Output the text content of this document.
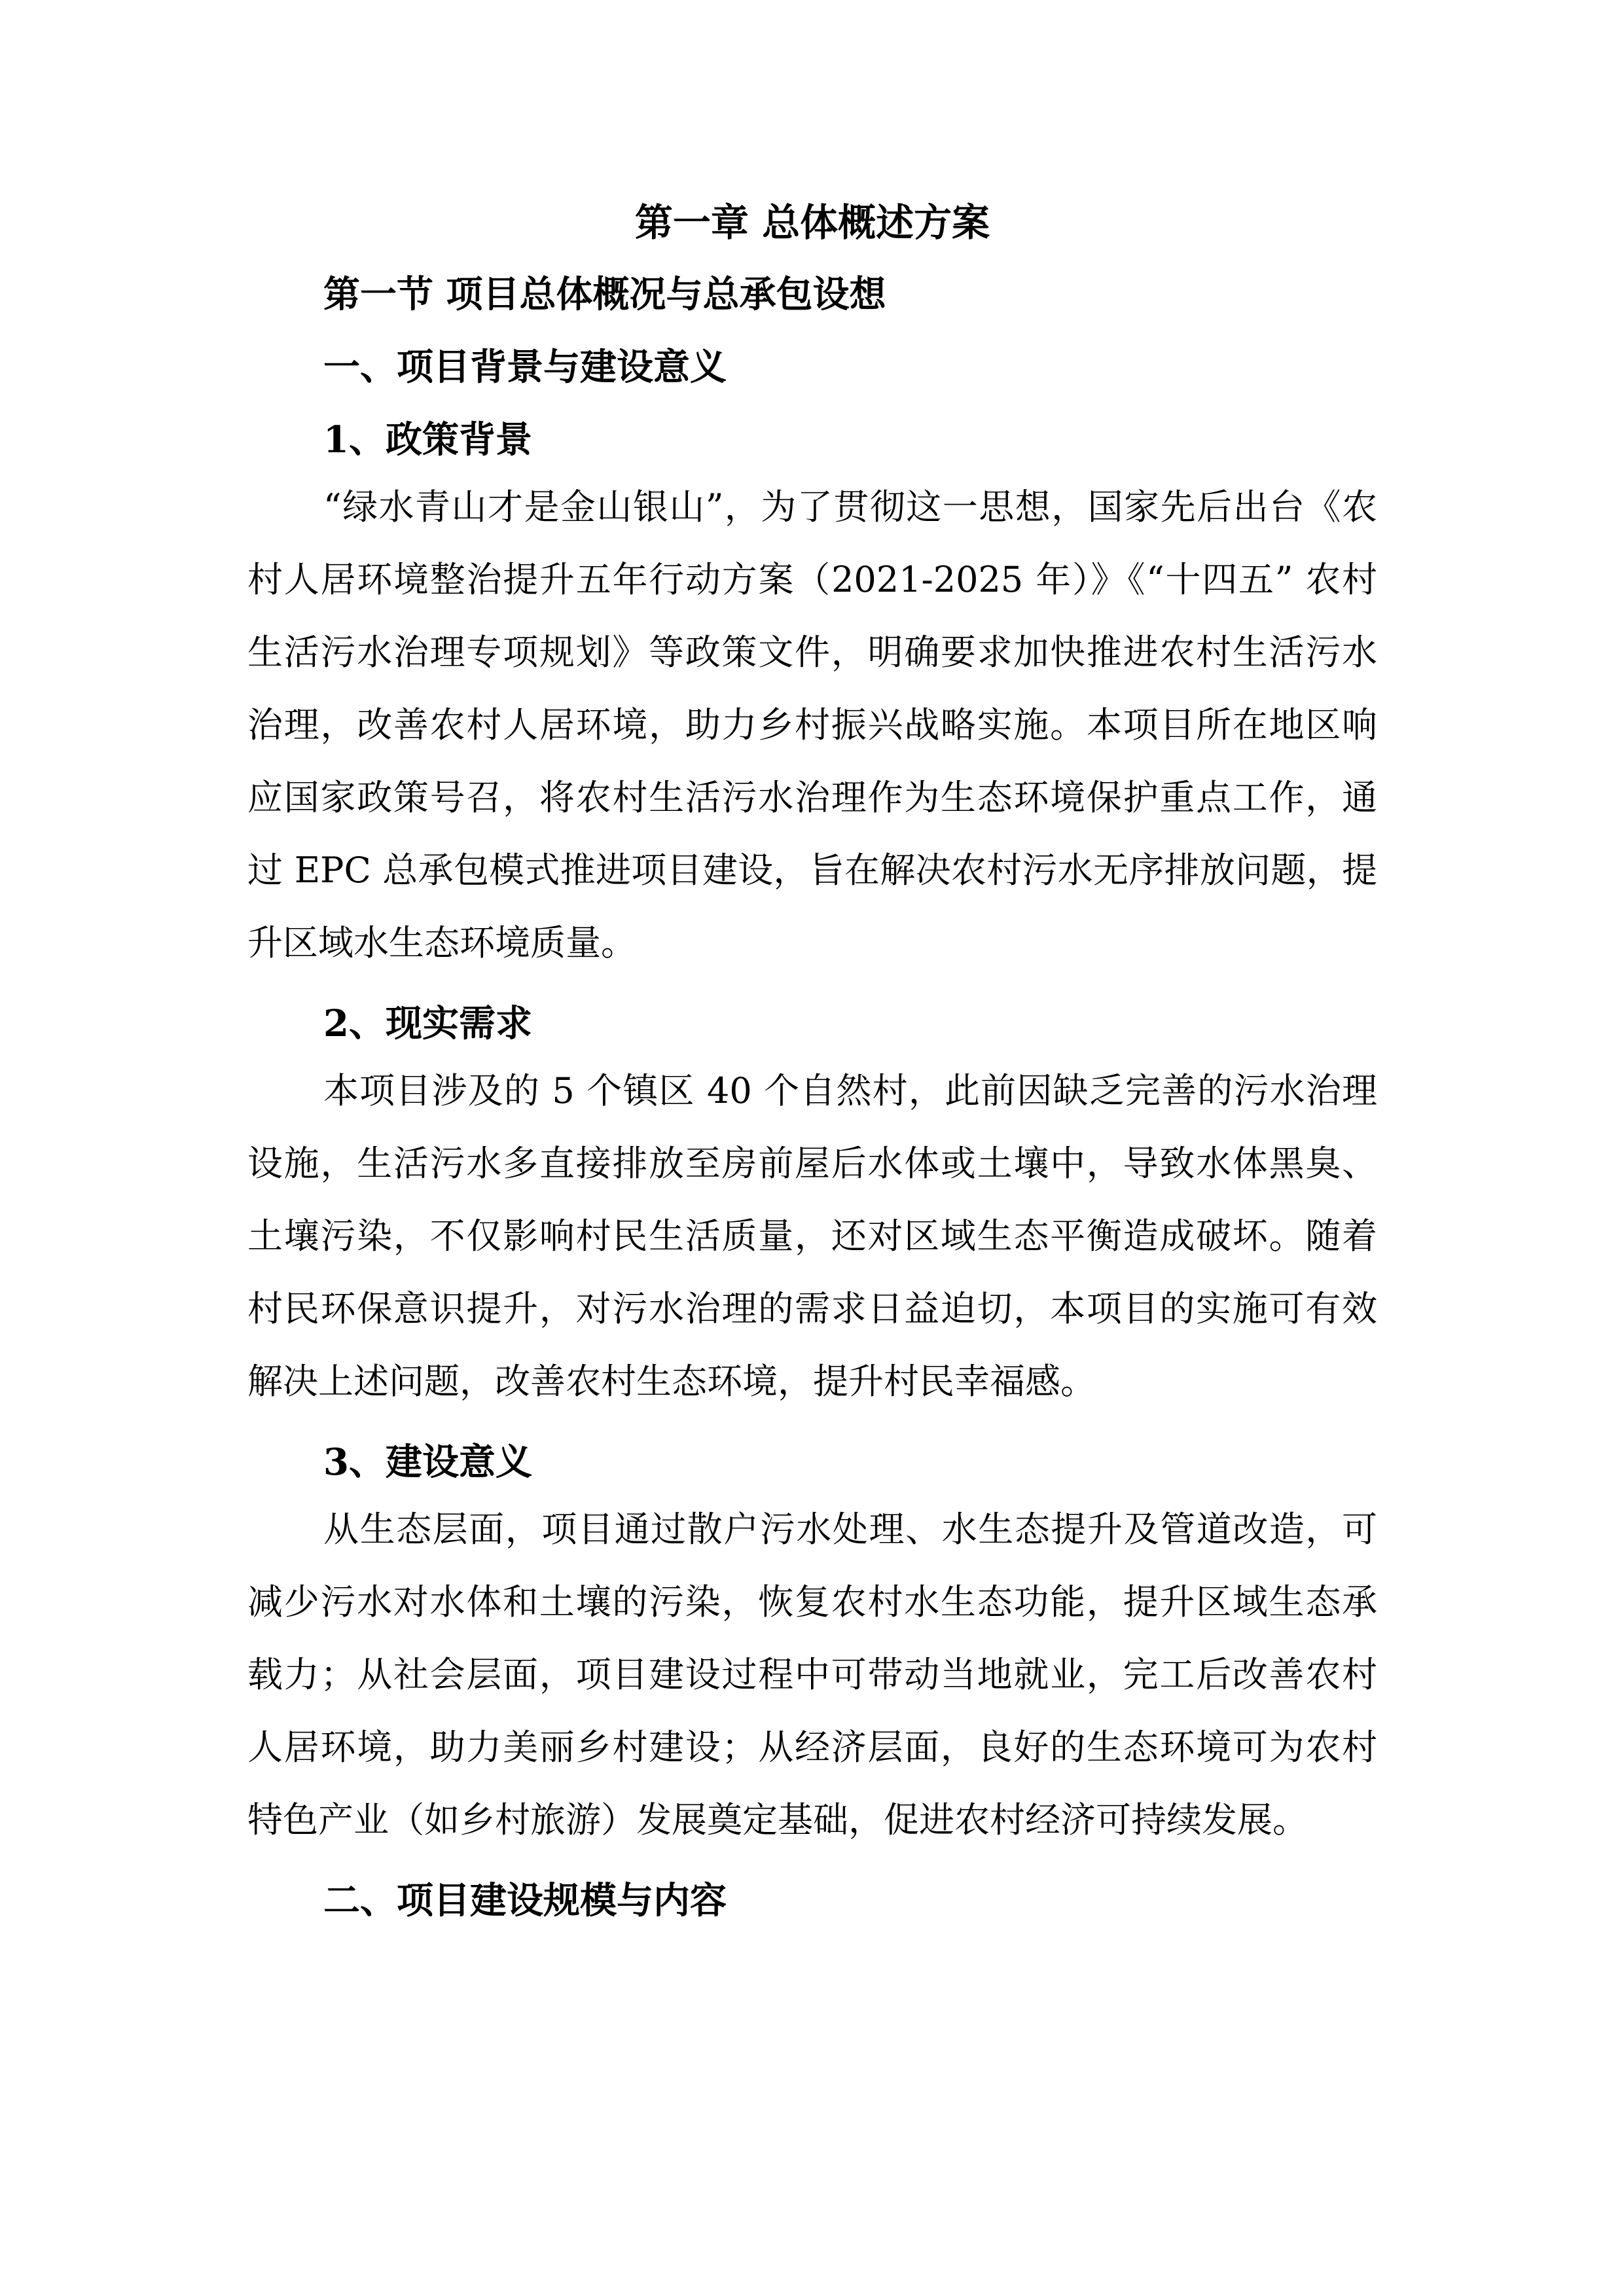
第一章 总体概述方案
第一节 项目总体概况与总承包设想
一、项目背景与建设意义
1、政策背景

“绿水青山才是金山银山”，为了贯彻这一思想，国家先后出台《农村人居环境整治提升五年行动方案（2021-2025 年）》《“十四五” 农村生活污水治理专项规划》等政策文件，明确要求加快推进农村生活污水治理，改善农村人居环境，助力乡村振兴战略实施。本项目所在地区响应国家政策号召，将农村生活污水治理作为生态环境保护重点工作，通过 EPC 总承包模式推进项目建设，旨在解决农村污水无序排放问题，提升区域水生态环境质量。

2、现实需求

本项目涉及的 5 个镇区 40 个自然村，此前因缺乏完善的污水治理设施，生活污水多直接排放至房前屋后水体或土壤中，导致水体黑臭、土壤污染，不仅影响村民生活质量，还对区域生态平衡造成破坏。随着村民环保意识提升，对污水治理的需求日益迫切，本项目的实施可有效解决上述问题，改善农村生态环境，提升村民幸福感。

3、建设意义

从生态层面，项目通过散户污水处理、水生态提升及管道改造，可减少污水对水体和土壤的污染，恢复农村水生态功能，提升区域生态承载力；从社会层面，项目建设过程中可带动当地就业，完工后改善农村人居环境，助力美丽乡村建设；从经济层面，良好的生态环境可为农村特色产业（如乡村旅游）发展奠定基础，促进农村经济可持续发展。

二、项目建设规模与内容
